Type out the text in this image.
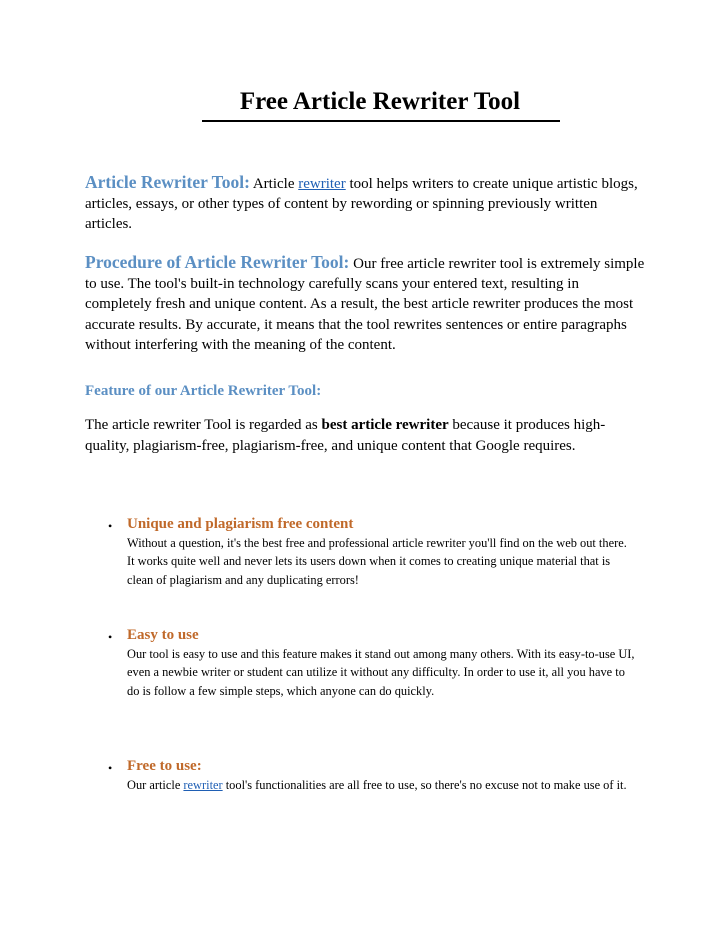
Free Article Rewriter Tool

Article Rewriter Tool: Article rewriter tool helps writers to create unique artistic blogs, articles, essays, or other types of content by rewording or spinning previously written articles.

Procedure of Article Rewriter Tool: Our free article rewriter tool is extremely simple to use. The tool's built-in technology carefully scans your entered text, resulting in completely fresh and unique content. As a result, the best article rewriter produces the most accurate results. By accurate, it means that the tool rewrites sentences or entire paragraphs without interfering with the meaning of the content.

Feature of our Article Rewriter Tool:

The article rewriter Tool is regarded as best article rewriter because it produces high-quality, plagiarism-free, plagiarism-free, and unique content that Google requires.

• Unique and plagiarism free content

Without a question, it's the best free and professional article rewriter you'll find on the web out there. It works quite well and never lets its users down when it comes to creating unique material that is clean of plagiarism and any duplicating errors!

• Easy to use

Our tool is easy to use and this feature makes it stand out among many others. With its easy-to-use UI, even a newbie writer or student can utilize it without any difficulty. In order to use it, all you have to do is follow a few simple steps, which anyone can do quickly.

• Free to use:

Our article rewriter tool's functionalities are all free to use, so there's no excuse not to make use of it.
